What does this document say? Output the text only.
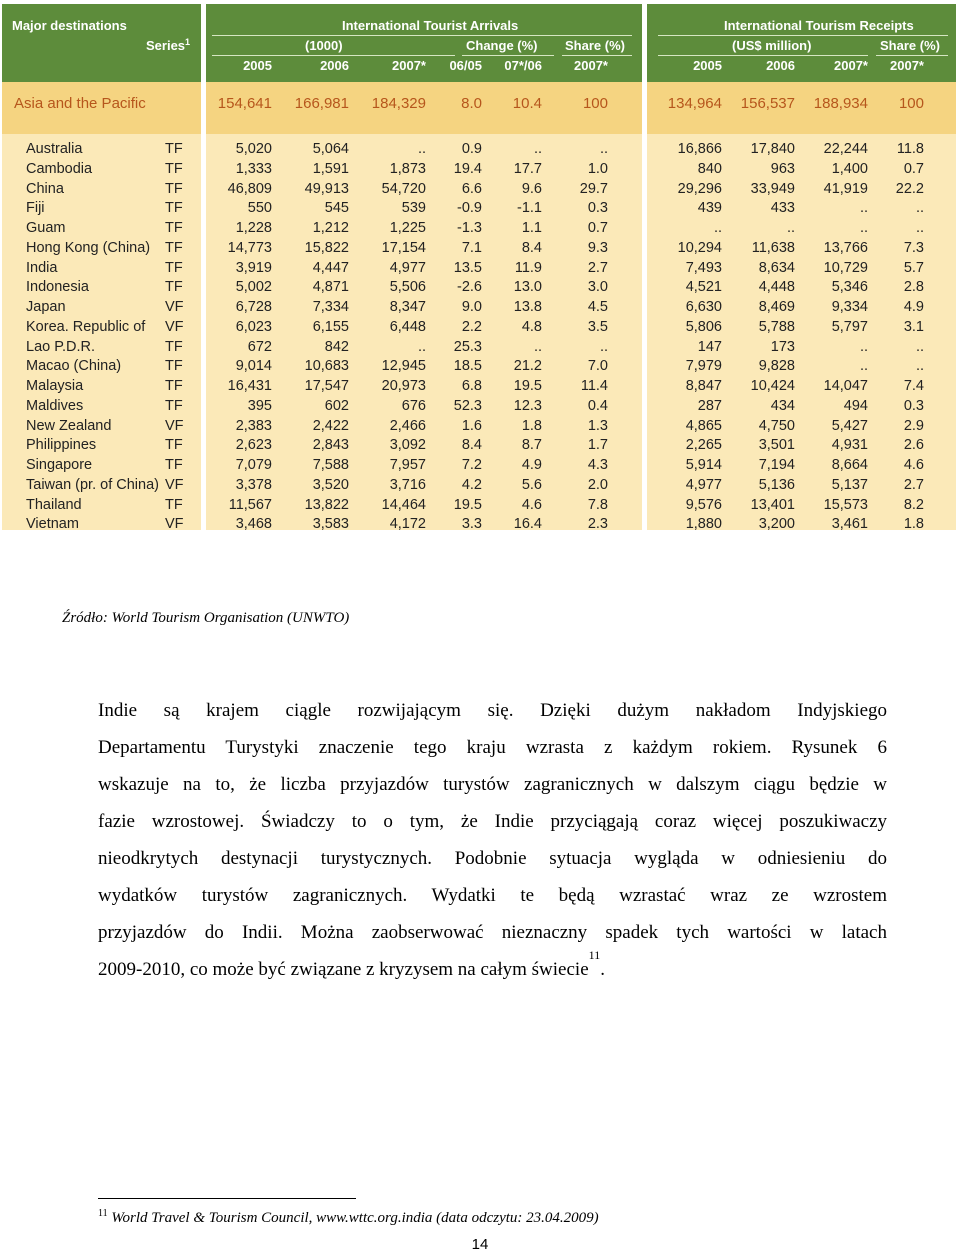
Major destinations
Series$^1$
International Tourist Arrivals
(1000)	Change (%) Share (%)
International Tourism Receipts
(US$ million)	Share (%)
2005	2006	2007* 06/05 07*/06 2007*	2005	2006	2007* 2007*
Asia and the Pacific	154,641 166,981 184,329 8.0 10.4	100	134,964 156,537 188,934 100
Australia	TF	5,020	5,064	.. 0.9	..	..	16,866 17,840 22,244 11.8
Cambodia	TF	1,333	1,591	1,873 19.4 17.7	1.0	840	963	1,400 0.7
China	TF	46,809 49,913 54,720 6.6	9.6	29.7	29,296 33,949 41,919 22.2
Fiji	TF	550	545	539 -0.9 -1.1	0.3	439	433	..	..
Guam	TF	1,228	1,212	1,225 -1.3	1.1	0.7	..	..	..	..
Hong Kong (China) TF	14,773 15,822 17,154 7.1	8.4	9.3	10,294 11,638 13,766 7.3
India	TF	3,919	4,447	4,977 13.5 11.9	2.7	7,493	8,634 10,729 5.7
Indonesia	TF	5,002	4,871	5,506 -2.6 13.0	3.0	4,521	4,448	5,346 2.8
Japan	VF	6,728	7,334	8,347 9.0 13.8	4.5	6,630	8,469	9,334 4.9
Korea. Republic of VF	6,023	6,155	6,448 2.2	4.8	3.5	5,806	5,788	5,797 3.1
Lao P.D.R.	TF	672	842	.. 25.3	..	..	147	173	..	..
Macao (China)	TF	9,014 10,683 12,945 18.5 21.2	7.0	7,979	9,828	..	..
Malaysia	TF	16,431 17,547 20,973 6.8 19.5	11.4	8,847 10,424 14,047 7.4
Maldives	TF	395	602	676 52.3 12.3	0.4	287	434	494 0.3
New Zealand	VF	2,383	2,422	2,466 1.6	1.8	1.3	4,865	4,750	5,427 2.9
Philippines	TF	2,623	2,843	3,092 8.4	8.7	1.7	2,265	3,501	4,931 2.6
Singapore	TF	7,079	7,588	7,957 7.2	4.9	4.3	5,914	7,194	8,664 4.6
Taiwan (pr. of China) VF	3,378	3,520	3,716 4.2	5.6	2.0	4,977	5,136	5,137 2.7
Thailand	TF	11,567 13,822 14,464 19.5	4.6	7.8	9,576 13,401 15,573 8.2
Vietnam	VF	3,468	3,583	4,172 3.3 16.4	2.3	1,880	3,200	3,461 1.8
Źródło: World Tourism Organisation (UNWTO)
Indie są krajem ciągle rozwijającym się. Dzięki dużym nakładom Indyjskiego
Departamentu Turystyki znaczenie tego kraju wzrasta z każdym rokiem. Rysunek 6
wskazuje na to, że liczba przyjazdów turystów zagranicznych w dalszym ciągu będzie w
fazie wzrostowej. Świadczy to o tym, że Indie przyciągają coraz więcej poszukiwaczy
nieodkrytych destynacji turystycznych. Podobnie sytuacja wygląda w odniesieniu do
wydatków turystów zagranicznych. Wydatki te będą wzrastać wraz ze wzrostem
przyjazdów do Indii. Można zaobserwować nieznaczny spadek tych wartości w latach
2009-2010, co może być związane z kryzysem na całym świecie$^{11}$.
$^{11}$ World Travel & Tourism Council, www.wttc.org.india (data odczytu: 23.04.2009)
14
